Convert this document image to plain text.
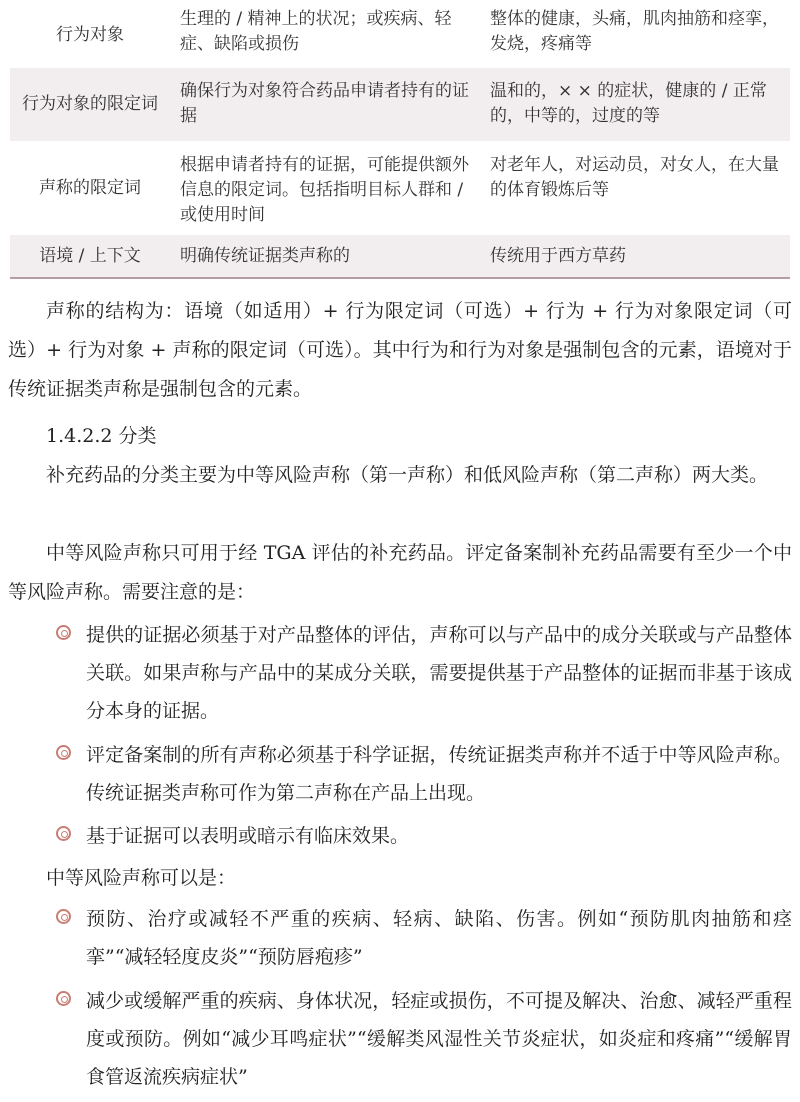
行为对象
生理的 / 精神上的状况；或疾病、轻症、缺陷或损伤
整体的健康，头痛，肌肉抽筋和痉挛，发烧，疼痛等
行为对象的限定词
确保行为对象符合药品申请者持有的证据
温和的，× × 的症状，健康的 / 正常的，中等的，过度的等
声称的限定词
根据申请者持有的证据，可能提供额外信息的限定词。包括指明目标人群和 / 或使用时间
对老年人，对运动员，对女人，在大量的体育锻炼后等
语境 / 上下文	明确传统证据类声称的	传统用于西方草药

声称的结构为：语境（如适用）+ 行为限定词（可选）+ 行为 + 行为对象限定词（可选）+ 行为对象 + 声称的限定词（可选）。其中行为和行为对象是强制包含的元素，语境对于传统证据类声称是强制包含的元素。

1.4.2.2 分类

补充药品的分类主要为中等风险声称（第一声称）和低风险声称（第二声称）两大类。

中等风险声称只可用于经 TGA 评估的补充药品。评定备案制补充药品需要有至少一个中等风险声称。需要注意的是：

提供的证据必须基于对产品整体的评估，声称可以与产品中的成分关联或与产品整体关联。如果声称与产品中的某成分关联，需要提供基于产品整体的证据而非基于该成分本身的证据。

评定备案制的所有声称必须基于科学证据，传统证据类声称并不适于中等风险声称。传统证据类声称可作为第二声称在产品上出现。

基于证据可以表明或暗示有临床效果。

中等风险声称可以是：

预防、治疗或减轻不严重的疾病、轻病、缺陷、伤害。例如“预防肌肉抽筋和痉挛”“减轻轻度皮炎”“预防唇疱疹”

减少或缓解严重的疾病、身体状况，轻症或损伤，不可提及解决、治愈、减轻严重程度或预防。例如“减少耳鸣症状”“缓解类风湿性关节炎症状，如炎症和疼痛”“缓解胃食管返流疾病症状”
